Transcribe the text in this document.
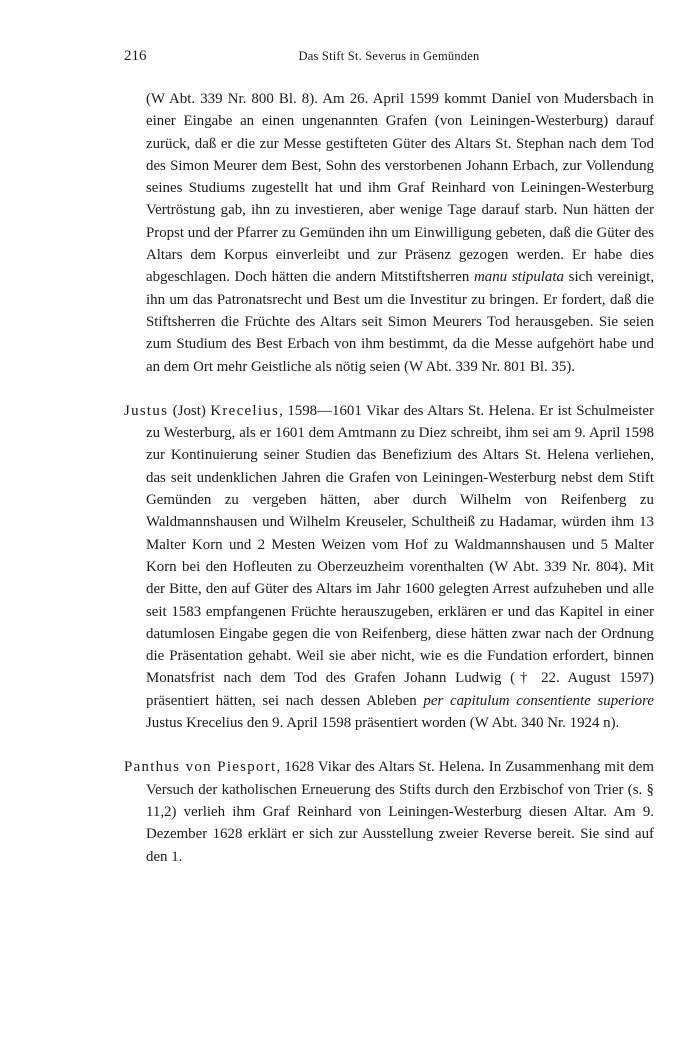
216	Das Stift St. Severus in Gemünden

(W Abt. 339 Nr. 800 Bl. 8). Am 26. April 1599 kommt Daniel von Mudersbach in einer Eingabe an einen ungenannten Grafen (von Leiningen-Westerburg) darauf zurück, daß er die zur Messe gestifteten Güter des Altars St. Stephan nach dem Tod des Simon Meurer dem Best, Sohn des verstorbenen Johann Erbach, zur Vollendung seines Studiums zugestellt hat und ihm Graf Reinhard von Leiningen-Westerburg Vertröstung gab, ihn zu investieren, aber wenige Tage darauf starb. Nun hätten der Propst und der Pfarrer zu Gemünden ihn um Einwilligung gebeten, daß die Güter des Altars dem Korpus einverleibt und zur Präsenz gezogen werden. Er habe dies abgeschlagen. Doch hätten die andern Mitstiftsherren manu stipulata sich vereinigt, ihn um das Patronatsrecht und Best um die Investitur zu bringen. Er fordert, daß die Stiftsherren die Früchte des Altars seit Simon Meurers Tod herausgeben. Sie seien zum Studium des Best Erbach von ihm bestimmt, da die Messe aufgehört habe und an dem Ort mehr Geistliche als nötig seien (W Abt. 339 Nr. 801 Bl. 35).

Justus (Jost) Krecelius, 1598—1601 Vikar des Altars St. Helena. Er ist Schulmeister zu Westerburg, als er 1601 dem Amtmann zu Diez schreibt, ihm sei am 9. April 1598 zur Kontinuierung seiner Studien das Benefizium des Altars St. Helena verliehen, das seit undenklichen Jahren die Grafen von Leiningen-Westerburg nebst dem Stift Gemünden zu vergeben hätten, aber durch Wilhelm von Reifenberg zu Waldmannshausen und Wilhelm Kreuseler, Schultheiß zu Hadamar, würden ihm 13 Malter Korn und 2 Mesten Weizen vom Hof zu Waldmannshausen und 5 Malter Korn bei den Hofleuten zu Oberzeuzheim vorenthalten (W Abt. 339 Nr. 804). Mit der Bitte, den auf Güter des Altars im Jahr 1600 gelegten Arrest aufzuheben und alle seit 1583 empfangenen Früchte herauszugeben, erklären er und das Kapitel in einer datumlosen Eingabe gegen die von Reifenberg, diese hätten zwar nach der Ordnung die Präsentation gehabt. Weil sie aber nicht, wie es die Fundation erfordert, binnen Monatsfrist nach dem Tod des Grafen Johann Ludwig († 22. August 1597) präsentiert hätten, sei nach dessen Ableben per capitulum consentiente superiore Justus Krecelius den 9. April 1598 präsentiert worden (W Abt. 340 Nr. 1924 n).

Panthus von Piesport, 1628 Vikar des Altars St. Helena. In Zusammenhang mit dem Versuch der katholischen Erneuerung des Stifts durch den Erzbischof von Trier (s. § 11,2) verlieh ihm Graf Reinhard von Leiningen-Westerburg diesen Altar. Am 9. Dezember 1628 erklärt er sich zur Ausstellung zweier Reverse bereit. Sie sind auf den 1.
